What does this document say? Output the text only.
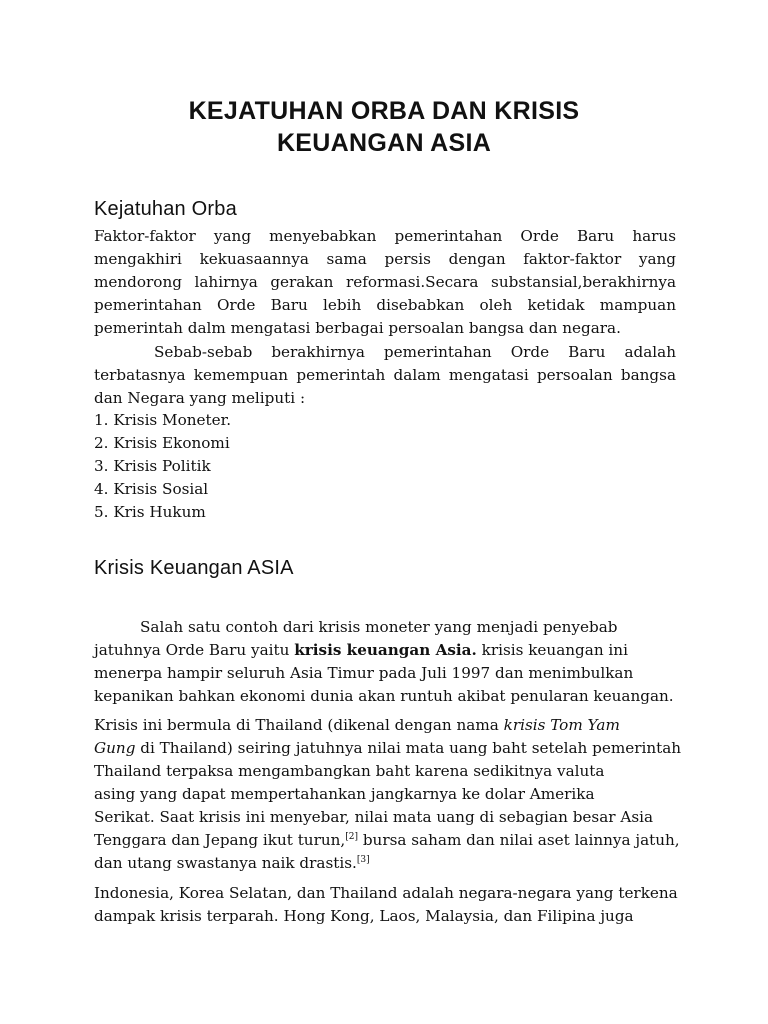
KEJATUHAN ORBA DAN KRISIS
KEUANGAN ASIA
Kejatuhan Orba
Faktor-faktor yang menyebabkan pemerintahan Orde Baru harus mengakhiri kekuasaannya sama persis dengan faktor-faktor yang mendorong lahirnya gerakan reformasi.Secara substansial,berakhirnya pemerintahan Orde Baru lebih disebabkan oleh ketidak mampuan pemerintah dalm mengatasi berbagai persoalan bangsa dan negara.
Sebab-sebab berakhirnya pemerintahan Orde Baru adalah terbatasnya kemempuan pemerintah dalam mengatasi persoalan bangsa dan Negara yang meliputi :
1. Krisis Moneter.
2. Krisis Ekonomi
3. Krisis Politik
4. Krisis Sosial
5. Kris Hukum
Krisis Keuangan ASIA
Salah satu contoh dari krisis moneter yang menjadi penyebab
jatuhnya Orde Baru yaitu krisis keuangan Asia. krisis keuangan ini
menerpa hampir seluruh Asia Timur pada Juli 1997 dan menimbulkan
kepanikan bahkan ekonomi dunia akan runtuh akibat penularan keuangan.
Krisis ini bermula di Thailand (dikenal dengan nama krisis Tom Yam
Gung di Thailand) seiring jatuhnya nilai mata uang baht setelah pemerintah
Thailand terpaksa mengambangkan baht karena sedikitnya valuta
asing yang dapat mempertahankan jangkarnya ke dolar Amerika
Serikat. Saat krisis ini menyebar, nilai mata uang di sebagian besar Asia
Tenggara dan Jepang ikut turun,[2] bursa saham dan nilai aset lainnya jatuh,
dan utang swastanya naik drastis.[3]
Indonesia, Korea Selatan, dan Thailand adalah negara-negara yang terkena
dampak krisis terparah. Hong Kong, Laos, Malaysia, dan Filipina juga
